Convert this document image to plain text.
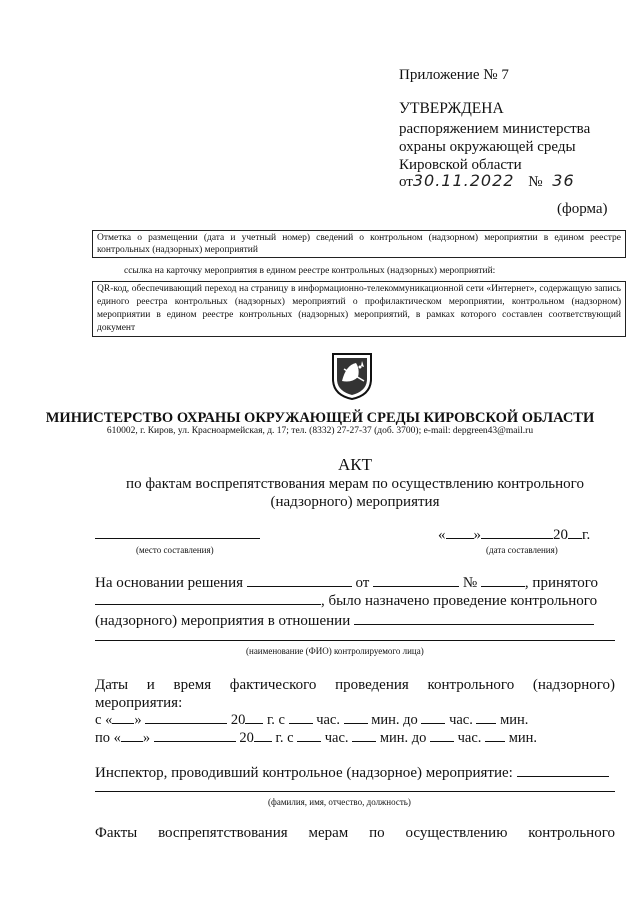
Приложение № 7
УТВЕРЖДЕНА
распоряжением министерства
охраны окружающей среды
Кировской области
от30.11.2022 № 36
(форма)
Отметка о размещении (дата и учетный номер) сведений о контрольном (надзорном) мероприятии в едином реестре контрольных (надзорных) мероприятий
ссылка на карточку мероприятия в едином реестре контрольных (надзорных) мероприятий:
QR-код, обеспечивающий переход на страницу в информационно-телекоммуникационной сети «Интернет», содержащую запись единого реестра контрольных (надзорных) мероприятий о профилактическом мероприятии, контрольном (надзорном) мероприятии в едином реестре контрольных (надзорных) мероприятий, в рамках которого составлен соответствующий документ
МИНИСТЕРСТВО ОХРАНЫ ОКРУЖАЮЩЕЙ СРЕДЫ КИРОВСКОЙ ОБЛАСТИ
610002, г. Киров, ул. Красноармейская, д. 17; тел. (8332) 27-27-37 (доб. 3700); e-mail: depgreen43@mail.ru
АКТ
по фактам воспрепятствования мерам по осуществлению контрольного
(надзорного) мероприятия
(место составления)
« »	20 г.
(дата составления)
На основании решения	от	№	, принятого
, было назначено проведение контрольного
(надзорного) мероприятия в отношении
(наименование (ФИО) контролируемого лица)
Даты и время фактического проведения контрольного (надзорного)
мероприятия:
с « »	20 г. с час. мин. до час. мин.
по « »	20 г. с час. мин. до час. мин.
Инспектор, проводивший контрольное (надзорное) мероприятие:
(фамилия, имя, отчество, должность)
Факты воспрепятствования мерам по осуществлению контрольного
